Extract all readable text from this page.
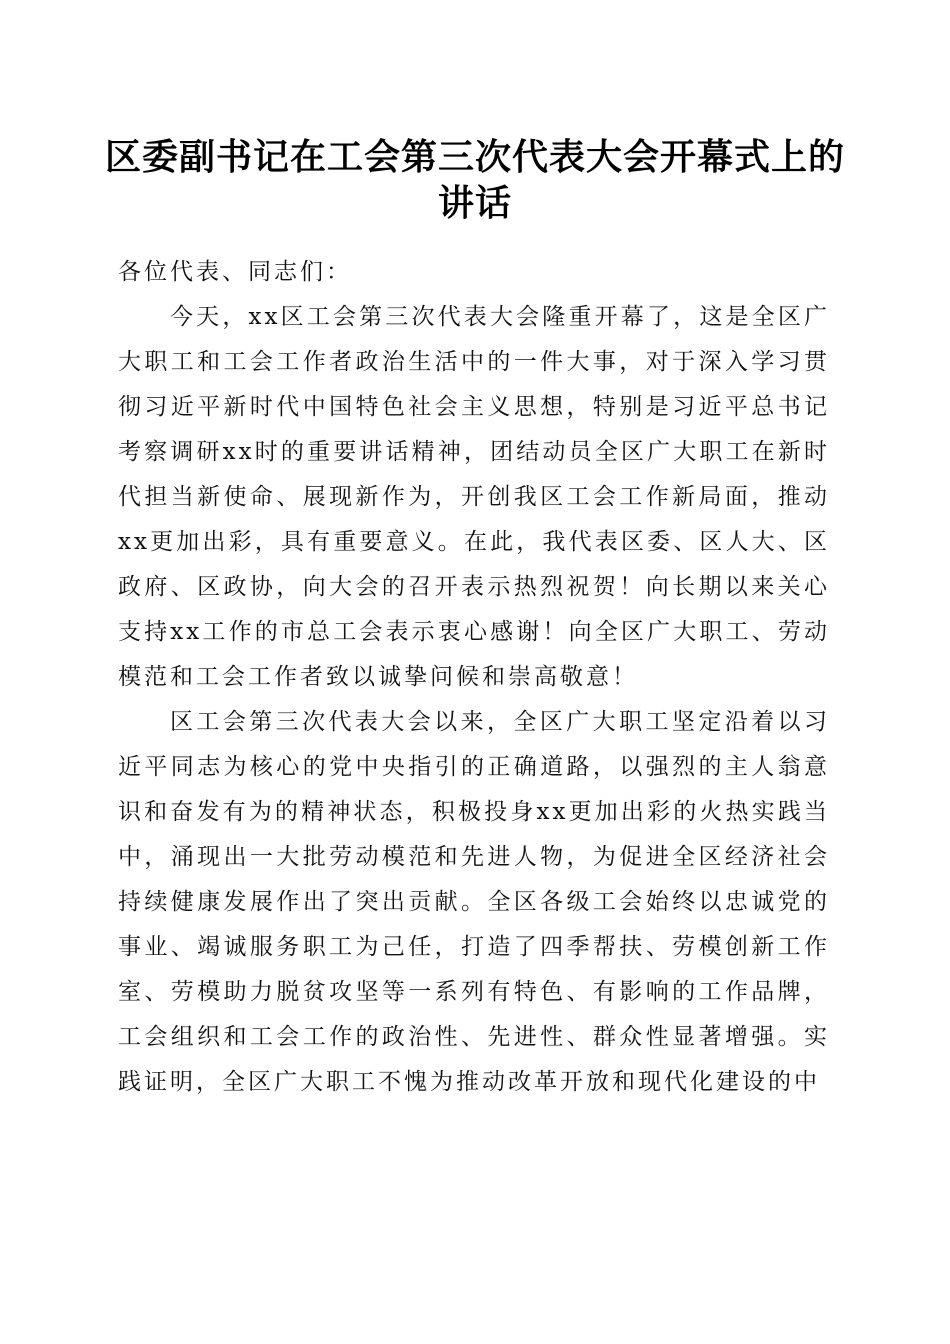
区委副书记在工会第三次代表大会开幕式上的讲话

各位代表、同志们：

今天，xx区工会第三次代表大会隆重开幕了，这是全区广大职工和工会工作者政治生活中的一件大事，对于深入学习贯彻习近平新时代中国特色社会主义思想，特别是习近平总书记考察调研xx时的重要讲话精神，团结动员全区广大职工在新时代担当新使命、展现新作为，开创我区工会工作新局面，推动xx更加出彩，具有重要意义。在此，我代表区委、区人大、区政府、区政协，向大会的召开表示热烈祝贺！向长期以来关心支持xx工作的市总工会表示衷心感谢！向全区广大职工、劳动模范和工会工作者致以诚挚问候和崇高敬意！

区工会第三次代表大会以来，全区广大职工坚定沿着以习近平同志为核心的党中央指引的正确道路，以强烈的主人翁意识和奋发有为的精神状态，积极投身xx更加出彩的火热实践当中，涌现出一大批劳动模范和先进人物，为促进全区经济社会持续健康发展作出了突出贡献。全区各级工会始终以忠诚党的事业、竭诚服务职工为己任，打造了四季帮扶、劳模创新工作室、劳模助力脱贫攻坚等一系列有特色、有影响的工作品牌，工会组织和工会工作的政治性、先进性、群众性显著增强。实践证明，全区广大职工不愧为推动改革开放和现代化建设的中
